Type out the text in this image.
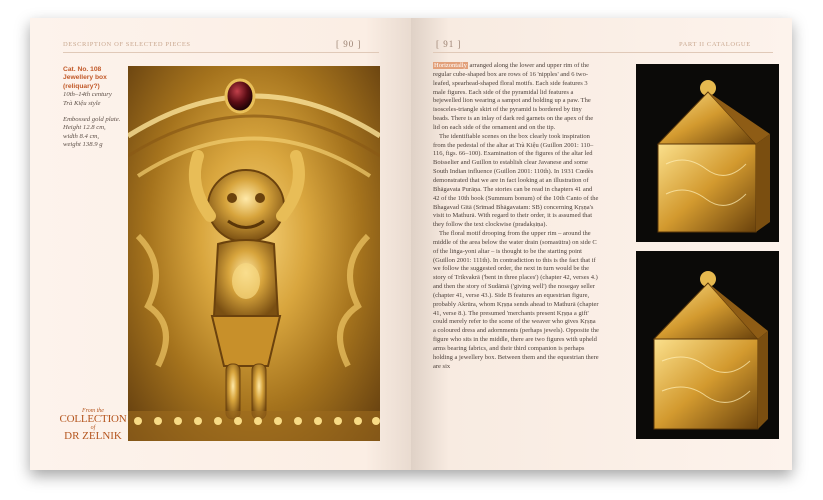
DESCRIPTION OF SELECTED PIECES	[ 90 ]
Cat. No. 108
Jewellery box
(reliquary?)
10th–14th century
Trà Kiệu style
Embossed gold plate.
Height 12.8 cm,
width 8.4 cm,
weight 138.9 g
From the
COLLECTION
of
DR ZELNIK
[ 91 ]	PART II CATALOGUE

Horizontally arranged along the lower and upper rim of the regular cube-shaped box are rows of 16 'nipples' and 6 two-leafed, spearhead-shaped floral motifs. Each side features 3 male figures. Each side of the pyramidal lid features a bejewelled lion wearing a sampot and holding up a paw. The isosceles-triangle skirt of the pyramid is bordered by tiny beads. There is an inlay of dark red garnets on the apex of the lid on each side of the ornament and on the tip.

The identifiable scenes on the box clearly took inspiration from the pedestal of the altar at Trà Kiệu (Guillon 2001: 110–116, figs. 66–100). Examination of the figures of the altar led Boisselier and Guillon to establish clear Javanese and some South Indian influence (Guillon 2001: 110th). In 1931 Cœdès demonstrated that we are in fact looking at an illustration of Bhāgavata Purāṇa. The stories can be read in chapters 41 and 42 of the 10th book (Summum bonum) of the 10th Canto of the Bhagavad Gītā (Srīmad Bhāgavatam: SB) concerning Kṛṣṇa's visit to Mathurā. With regard to their order, it is assumed that they follow the text clockwise (pradakṣiṇa).

The floral motif drooping from the upper rim – around the middle of the area below the water drain (somasūtra) on side C of the liṅga-yoni altar – is thought to be the starting point (Guillon 2001: 111th). In contradiction to this is the fact that if we follow the suggested order, the next in turn would be the story of Trikvakrā ('bent in three places') (chapter 42, verses 4.) and then the story of Sudāmā ('giving well') the nosegay seller (chapter 41, verse 43.). Side B features an equestrian figure, probably Akrūra, whom Kṛṣṇa sends ahead to Mathurā (chapter 41, verse 8.). The presumed 'merchants present Kṛṣṇa a gift' could merely refer to the scene of the weaver who gives Kṛṣṇa a coloured dress and adornments (perhaps jewels). Opposite the figure who sits in the middle, there are two figures with upheld arms bearing fabrics, and their third companion is perhaps holding a jewellery box. Between them and the equestrian there are six
